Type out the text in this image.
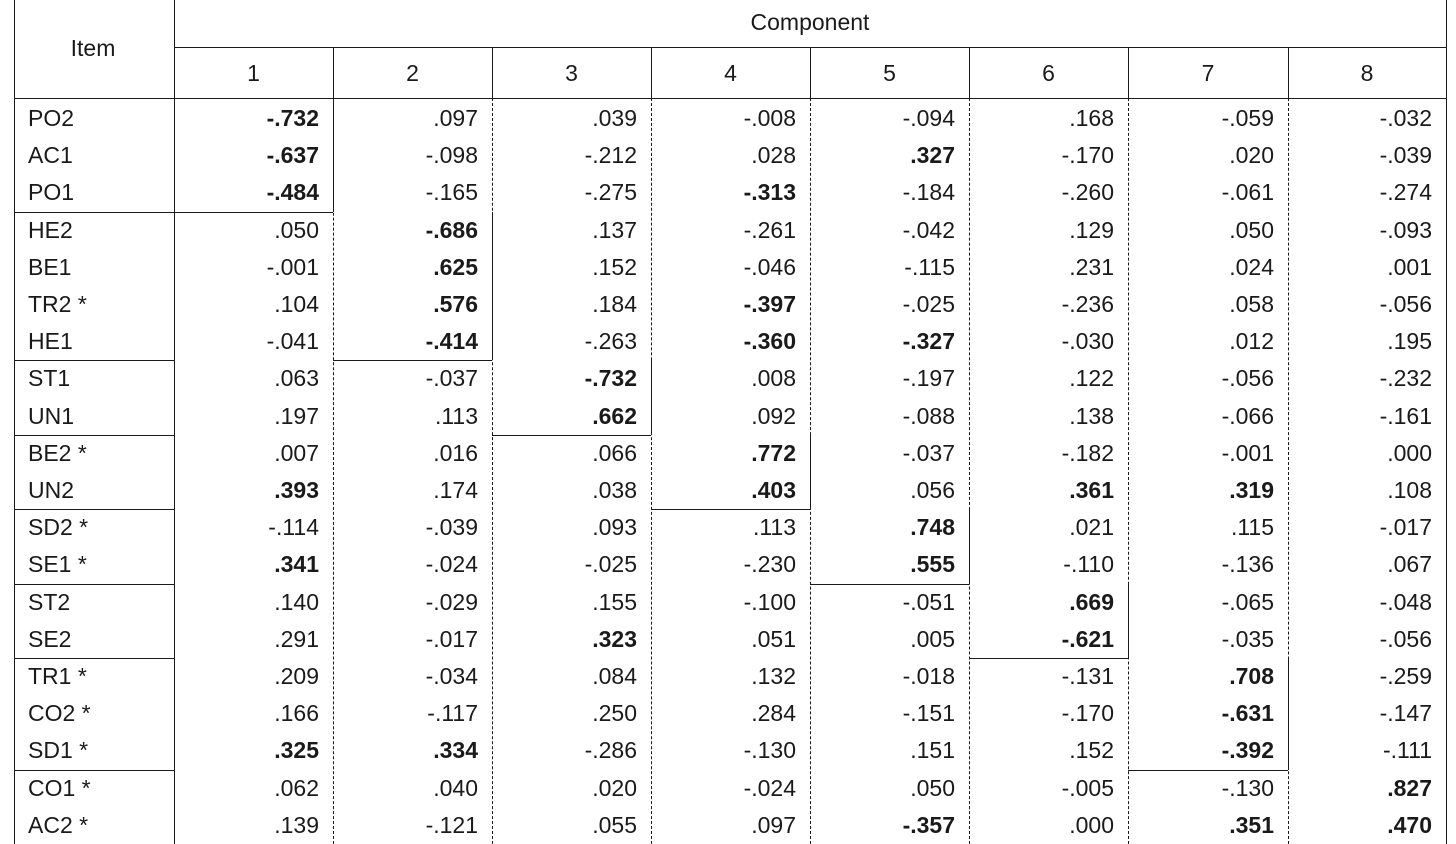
Item
Component
1	2	3	4	5	6	7	8
PO2	-.732	.097	.039	-.008	-.094	.168	-.059	-.032
AC1	-.637	-.098	-.212	.028	.327	-.170	.020	-.039
PO1	-.484	-.165	-.275	-.313	-.184	-.260	-.061	-.274
HE2	.050	-.686	.137	-.261	-.042	.129	.050	-.093
BE1	-.001	.625	.152	-.046	-.115	.231	.024	.001
TR2 *	.104	.576	.184	-.397	-.025	-.236	.058	-.056
HE1	-.041	-.414	-.263	-.360	-.327	-.030	.012	.195
ST1	.063	-.037	-.732	.008	-.197	.122	-.056	-.232
UN1	.197	.113	.662	.092	-.088	.138	-.066	-.161
BE2 *	.007	.016	.066	.772	-.037	-.182	-.001	.000
UN2	.393	.174	.038	.403	.056	.361	.319	.108
SD2 *	-.114	-.039	.093	.113	.748	.021	.115	-.017
SE1 *	.341	-.024	-.025	-.230	.555	-.110	-.136	.067
ST2	.140	-.029	.155	-.100	-.051	.669	-.065	-.048
SE2	.291	-.017	.323	.051	.005	-.621	-.035	-.056
TR1 *	.209	-.034	.084	.132	-.018	-.131	.708	-.259
CO2 *	.166	-.117	.250	.284	-.151	-.170	-.631	-.147
SD1 *	.325	.334	-.286	-.130	.151	.152	-.392	-.111
CO1 *	.062	.040	.020	-.024	.050	-.005	-.130	.827
AC2 *	.139	-.121	.055	.097	-.357	.000	.351	.470
